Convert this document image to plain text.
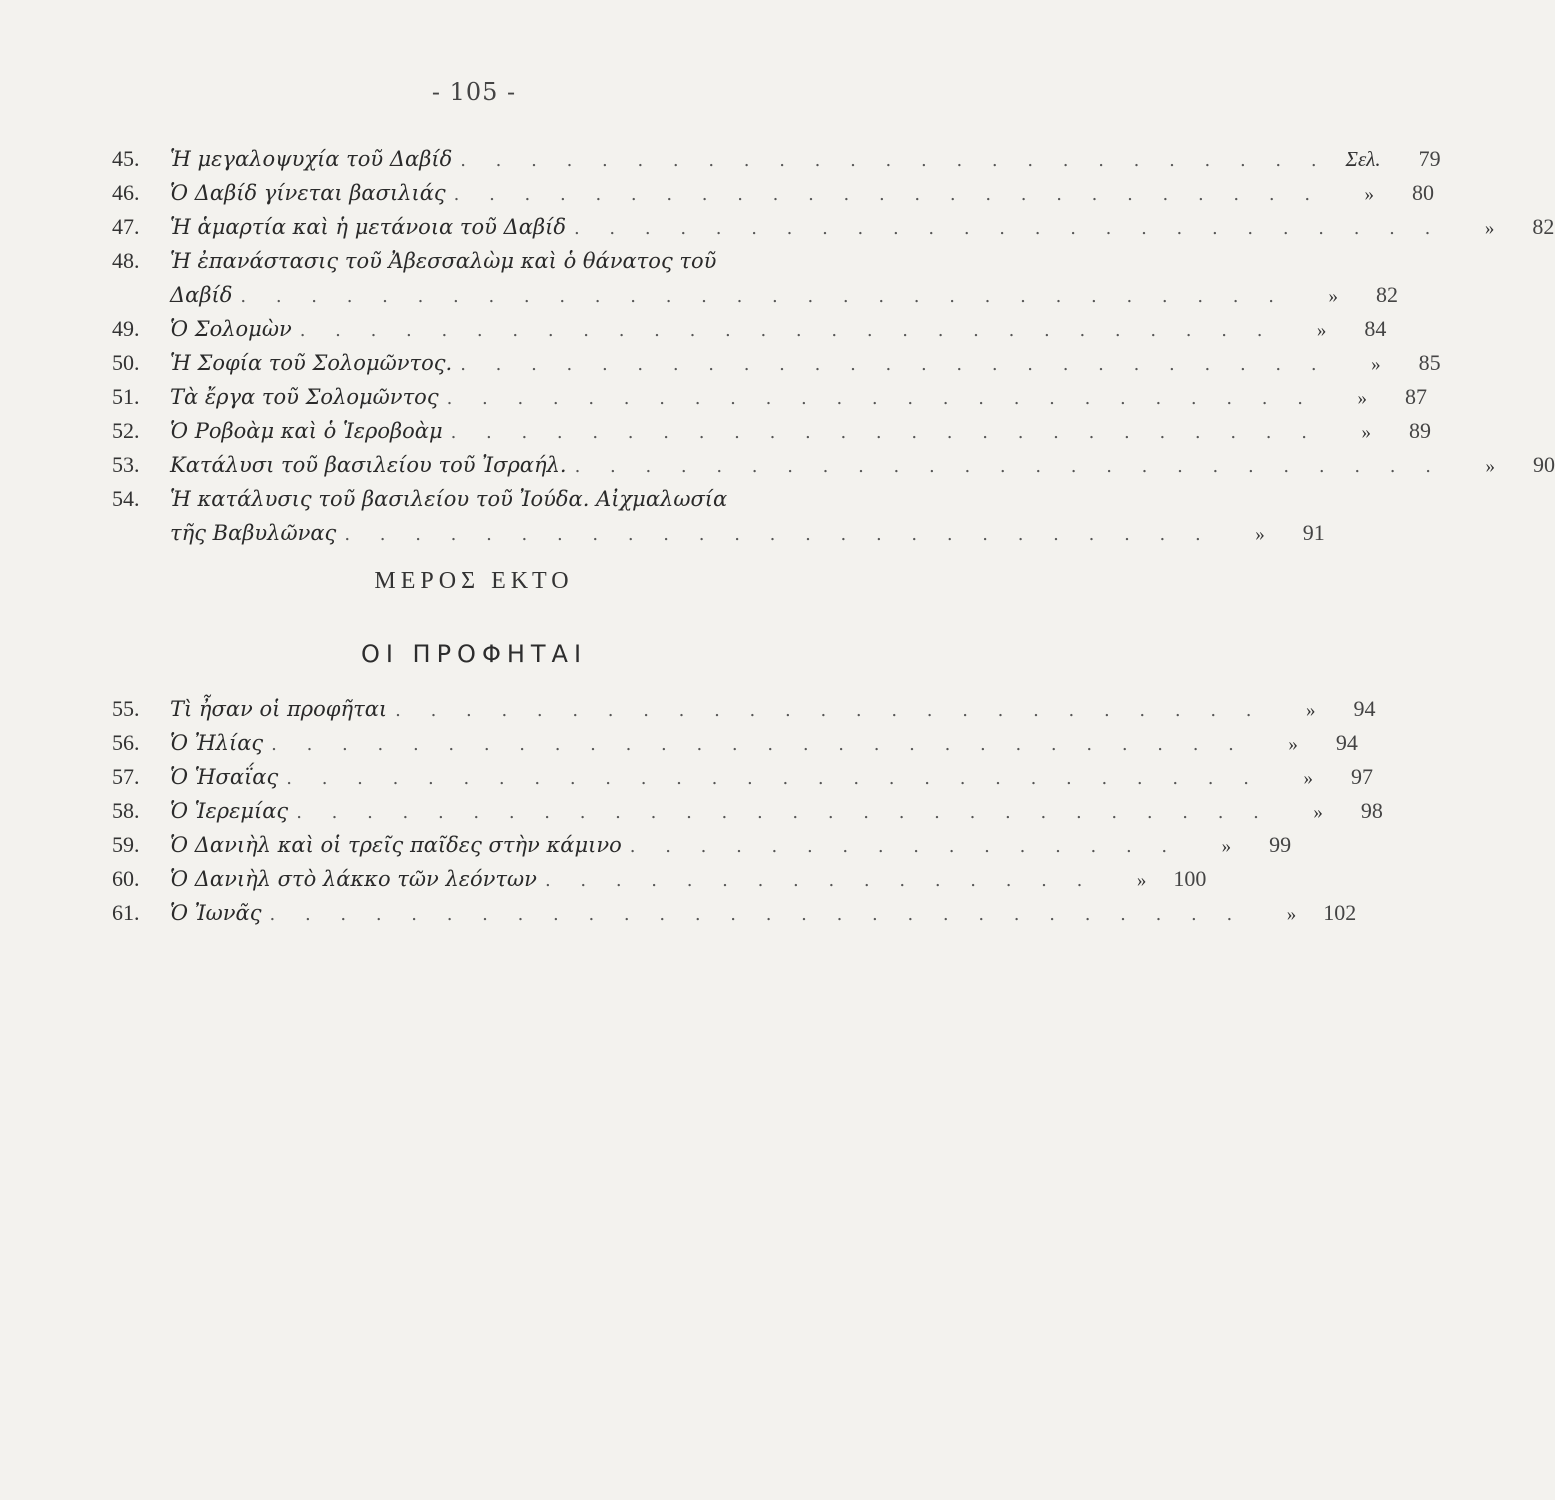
- 105 -
45.	Ἡ μεγαλοψυχία τοῦ Δαβίδ . . . . . . . . . . . . . . . . . . . . . . . . . Σελ.	79
46.	Ὁ Δαβίδ γίνεται βασιλιάς . . . . . . . . . . . . . . . . . . . . . . . . .	»	80
47.	Ἡ ἁμαρτία καὶ ἡ μετάνοια τοῦ Δαβίδ . . . . . . . . . . . . . . . . . . . . . . . . .	»	82
48.	Ἡ ἐπανάστασις τοῦ Ἀβεσσαλὼμ καὶ ὁ θάνατος τοῦ
Δαβίδ . . . . . . . . . . . . . . . . . . . . . . . . . . . . . .	»	82
49.	Ὁ Σολομὼν . . . . . . . . . . . . . . . . . . . . . . . . . . . .	»	84
50.	Ἡ Σοφία τοῦ Σολομῶντος. . . . . . . . . . . . . . . . . . . . . . . . . .	»	85
51.	Τὰ ἔργα τοῦ Σολομῶντος . . . . . . . . . . . . . . . . . . . . . . . . .	»	87
52.	Ὁ Ροβοὰμ καὶ ὁ Ἱεροβοὰμ . . . . . . . . . . . . . . . . . . . . . . . . .	»	89
53.	Κατάλυσι τοῦ βασιλείου τοῦ Ἰσραήλ. . . . . . . . . . . . . . . . . . . . . . . . . .	»	90
54.	Ἡ κατάλυσις τοῦ βασιλείου τοῦ Ἰούδα. Αἰχμαλωσία
τῆς Βαβυλῶνας . . . . . . . . . . . . . . . . . . . . . . . . .	»	91
ΜΕΡΟΣ ΕΚΤΟ
ΟΙ ΠΡΟΦΗΤΑΙ
55.	Τὶ ἦσαν οἱ προφῆται . . . . . . . . . . . . . . . . . . . . . . . . .	»	94
56.	Ὁ Ἠλίας . . . . . . . . . . . . . . . . . . . . . . . . . . . .	»	94
57.	Ὁ Ἡσαΐας . . . . . . . . . . . . . . . . . . . . . . . . . . . .	»	97
58.	Ὁ Ἱερεμίας . . . . . . . . . . . . . . . . . . . . . . . . . . . .	»	98
59.	Ὁ Δανιὴλ καὶ οἱ τρεῖς παῖδες στὴν κάμινο . . . . . . . . . . . . . . . .	»	99
60.	Ὁ Δανιὴλ στὸ λάκκο τῶν λεόντων . . . . . . . . . . . . . . . .	»	100
61.	Ὁ Ἰωνᾶς . . . . . . . . . . . . . . . . . . . . . . . . . . . .	»	102
